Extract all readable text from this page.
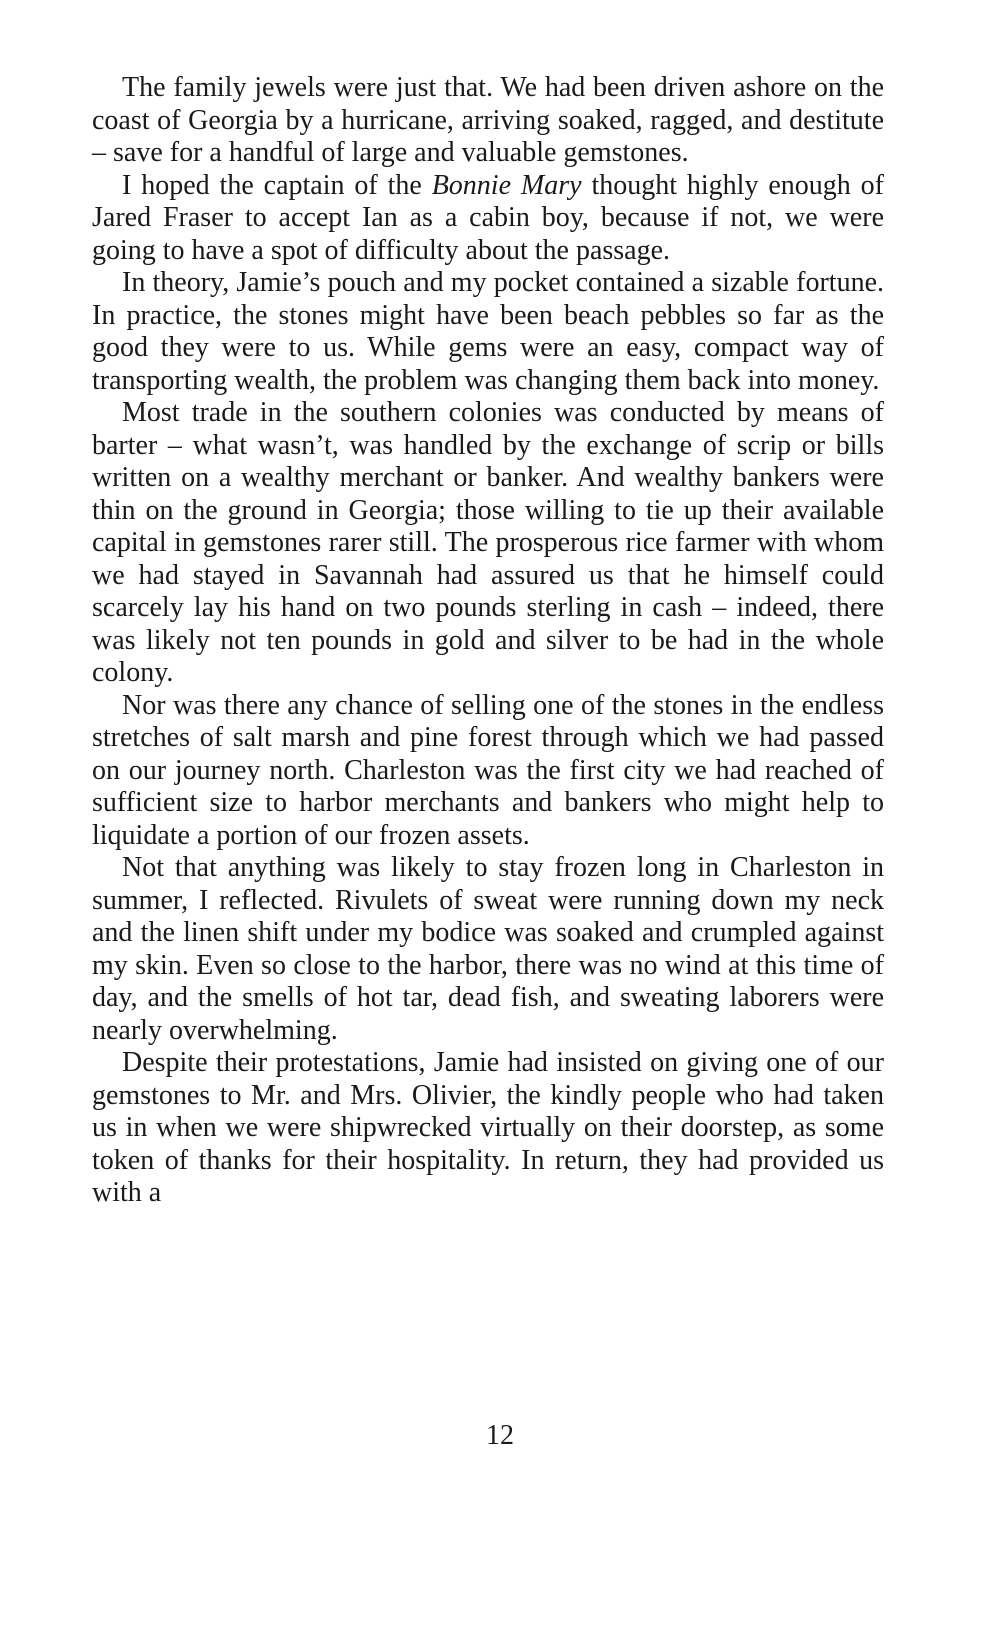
The family jewels were just that. We had been driven ashore on the coast of Georgia by a hurricane, arriving soaked, ragged, and destitute – save for a handful of large and valuable gemstones.

I hoped the captain of the Bonnie Mary thought highly enough of Jared Fraser to accept Ian as a cabin boy, because if not, we were going to have a spot of difficulty about the passage.

In theory, Jamie’s pouch and my pocket contained a sizable fortune. In practice, the stones might have been beach pebbles so far as the good they were to us. While gems were an easy, compact way of transporting wealth, the problem was changing them back into money.

Most trade in the southern colonies was conducted by means of barter – what wasn’t, was handled by the exchange of scrip or bills written on a wealthy merchant or banker. And wealthy bankers were thin on the ground in Georgia; those willing to tie up their available capital in gemstones rarer still. The prosperous rice farmer with whom we had stayed in Savannah had assured us that he himself could scarcely lay his hand on two pounds sterling in cash – indeed, there was likely not ten pounds in gold and silver to be had in the whole colony.

Nor was there any chance of selling one of the stones in the endless stretches of salt marsh and pine forest through which we had passed on our journey north. Charleston was the first city we had reached of sufficient size to harbor merchants and bankers who might help to liquidate a portion of our frozen assets.

Not that anything was likely to stay frozen long in Charleston in summer, I reflected. Rivulets of sweat were running down my neck and the linen shift under my bodice was soaked and crumpled against my skin. Even so close to the harbor, there was no wind at this time of day, and the smells of hot tar, dead fish, and sweating laborers were nearly overwhelming.

Despite their protestations, Jamie had insisted on giving one of our gemstones to Mr. and Mrs. Olivier, the kindly people who had taken us in when we were shipwrecked virtually on their doorstep, as some token of thanks for their hospitality. In return, they had provided us with a

12
